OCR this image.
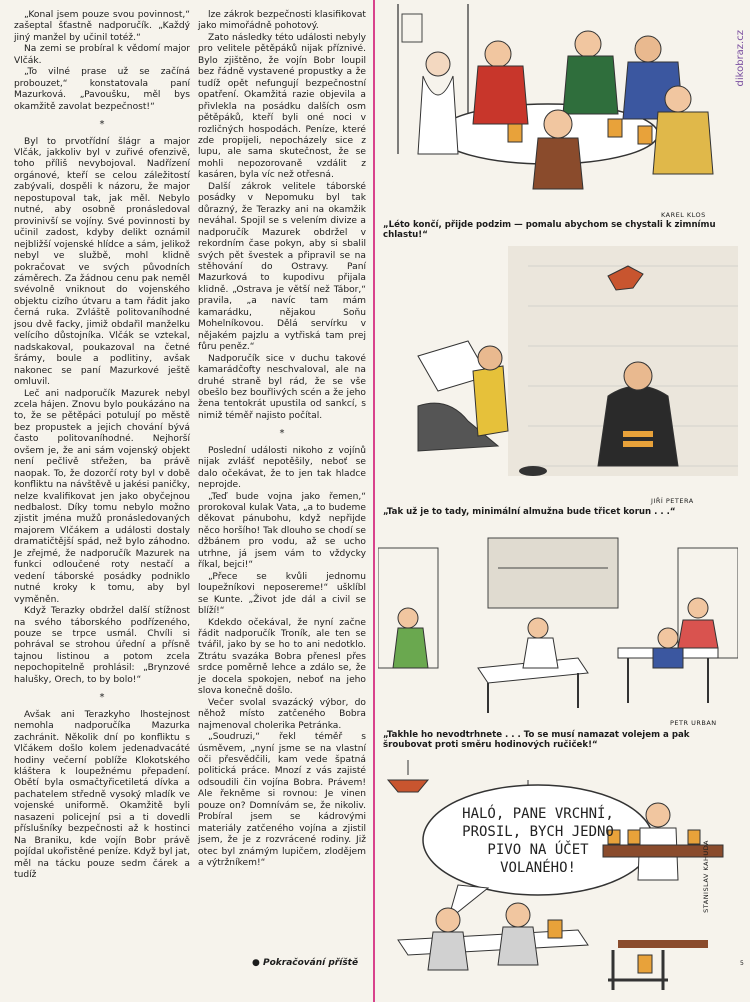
„Konal jsem pouze svou povinnost,“ zašeptal šťastně nadporučík. „Každý jiný manžel by učinil totéž.“

Na zemi se probíral k vědomí major Vlčák.

„To vilné prase už se začíná probouzet,“ konstatovala paní Mazurková. „Pavoušku, měl bys okamžitě zavolat bezpečnost!“

*

Byl to prvotřídní šlágr a major Vlčák, jakkoliv byl v zuřivé ofenzivě, toho příliš nevybojoval. Nadřízení orgánové, kteří se celou záležitostí zabývali, dospěli k názoru, že major nepostupoval tak, jak měl. Nebylo nutné, aby osobně pronásledoval provinivší se vojíny. Své povinnosti by učinil zadost, kdyby delikt oznámil nejbližší vojenské hlídce a sám, jelikož nebyl ve službě, mohl klidně pokračovat ve svých původních záměrech. Za žádnou cenu pak neměl svévolně vniknout do vojenského objektu cizího útvaru a tam řádit jako černá ruka. Zvláště politovaníhodné jsou dvě facky, jimiž obdařil manželku velícího důstojníka. Vlčák se vztekal, nadskakoval, poukazoval na četné šrámy, boule a podlitiny, avšak nakonec se paní Mazurkové ještě omluvil.

Leč ani nadporučík Mazurek nebyl zcela hájen. Znovu bylo poukázáno na to, že se pětěpáci potulují po městě bez propustek a jejich chování bývá často politovaníhodné. Nejhorší ovšem je, že ani sám vojenský objekt není pečlivě střežen, ba právě naopak. To, že dozorčí roty byl v době konfliktu na návštěvě u jakési paničky, nelze kvalifikovat jen jako obyčejnou nedbalost. Díky tomu nebylo možno zjistit jména mužů pronásledovaných majorem Vlčákem a události dostaly dramatičtější spád, než bylo záhodno. Je zřejmé, že nadporučík Mazurek na funkci odloučené roty nestačí a vedení táborské posádky podniklo nutné kroky k tomu, aby byl vyměněn.

Když Terazky obdržel další stížnost na svého táborského podřízeného, pouze se trpce usmál. Chvíli si pohrával se strohou úřední a přísně tajnou listinou a potom zcela nepochopitelně prohlásil: „Brynzové halušky, Orech, to by bolo!“

*

Avšak ani Terazkyho lhostejnost nemohla nadporučíka Mazurka zachránit. Několik dní po konfliktu s Vlčákem došlo kolem jedenadvacáté hodiny večerní poblíže Klokotského kláštera k loupežnému přepadení. Obětí byla osmačtyřicetiletá dívka a pachatelem středně vysoký mladík ve vojenské uniformě. Okamžitě byli nasazeni policejní psi a ti dovedli příslušníky bezpečnosti až k hostinci Na Braniku, kde vojín Bobr právě pojídal ukořistěné peníze. Když byl jat, měl na tácku pouze sedm čárek a tudíž

lze zákrok bezpečnosti klasifikovat jako mimořádně pohotový.

Zato následky této události nebyly pro velitele pětěpáků nijak příznivé. Bylo zjištěno, že vojín Bobr loupil bez řádně vystavené propustky a že tudíž opět nefungují bezpečnostní opatření. Okamžitá razie objevila a přivlekla na posádku dalších osm pětěpáků, kteří byli oné noci v rozličných hospodách. Peníze, které zde propijeli, nepocházely sice z lupu, ale sama skutečnost, že se mohli nepozorovaně vzdálit z kasáren, byla víc než otřesná.

Další zákrok velitele táborské posádky v Nepomuku byl tak důrazný, že Terazky ani na okamžik neváhal. Spojil se s velením divize a nadporučík Mazurek obdržel v rekordním čase pokyn, aby si sbalil svých pět švestek a připravil se na stěhování do Ostravy. Paní Mazurková to kupodivu přijala klidně. „Ostrava je větší než Tábor,“ pravila, „a navíc tam mám kamarádku, nějakou Soňu Mohelníkovou. Dělá servírku v nějakém pajzlu a vytřiská tam prej fůru peněz.“

Nadporučík sice v duchu takové kamarádčofty neschvaloval, ale na druhé straně byl rád, že se vše obešlo bez bouřlivých scén a že jeho žena tentokrát upustila od sankcí, s nimiž téměř najisto počítal.

*

Poslední události nikoho z vojínů nijak zvlášť nepotěšily, neboť se dalo očekávat, že to jen tak hladce neprojde.

„Teď bude vojna jako řemen,“ prorokoval kulak Vata, „a to budeme děkovat pánubohu, když nepřijde něco horšího! Tak dlouho se chodí se džbánem pro vodu, až se ucho utrhne, já jsem vám to vždycky říkal, bejci!“

„Přece se kvůli jednomu loupežníkovi neposereme!“ ušklíbl se Kunte. „Život jde dál a civil se blíží!“

Kdekdo očekával, že nyní začne řádit nadporučík Troník, ale ten se tvářil, jako by se ho to ani nedotklo. Ztrátu svazáka Bobra přenesl přes srdce poměrně lehce a zdálo se, že je docela spokojen, neboť na jeho slova konečně došlo.

Večer svolal svazácký výbor, do něhož místo zatčeného Bobra najmenoval cholerika Petránka.

„Soudruzi,“ řekl téměř s úsměvem, „nyní jsme se na vlastní oči přesvědčili, kam vede špatná politická práce. Mnozí z vás zajisté odsoudili čin vojína Bobra. Právem! Ale řekněme si rovnou: Je vinen pouze on? Domnívám se, že nikoliv. Probíral jsem se kádrovými materiály zatčeného vojína a zjistil jsem, že je z rozvrácené rodiny. Již otec byl známým lupičem, zlodějem a výtržníkem!“

● Pokračování příště
KAREL KLOS
„Léto končí, přijde podzim — pomalu abychom se chystali k zimnímu chlastu!“
JIŘÍ PETERA
„Tak už je to tady, minimální almužna bude třicet korun . . .“
PETR URBAN
„Takhle ho nevodtrhnete . . . To se musí namazat volejem a pak šroubovat proti směru hodinových ručiček!“
HALÓ, PANE VRCHNÍ,
PROSIL, BYCH JEDNO
PIVO NA ÚČET
VOLANÉHO!	STANISLAV KAHUDA
dikobraz.cz
5
